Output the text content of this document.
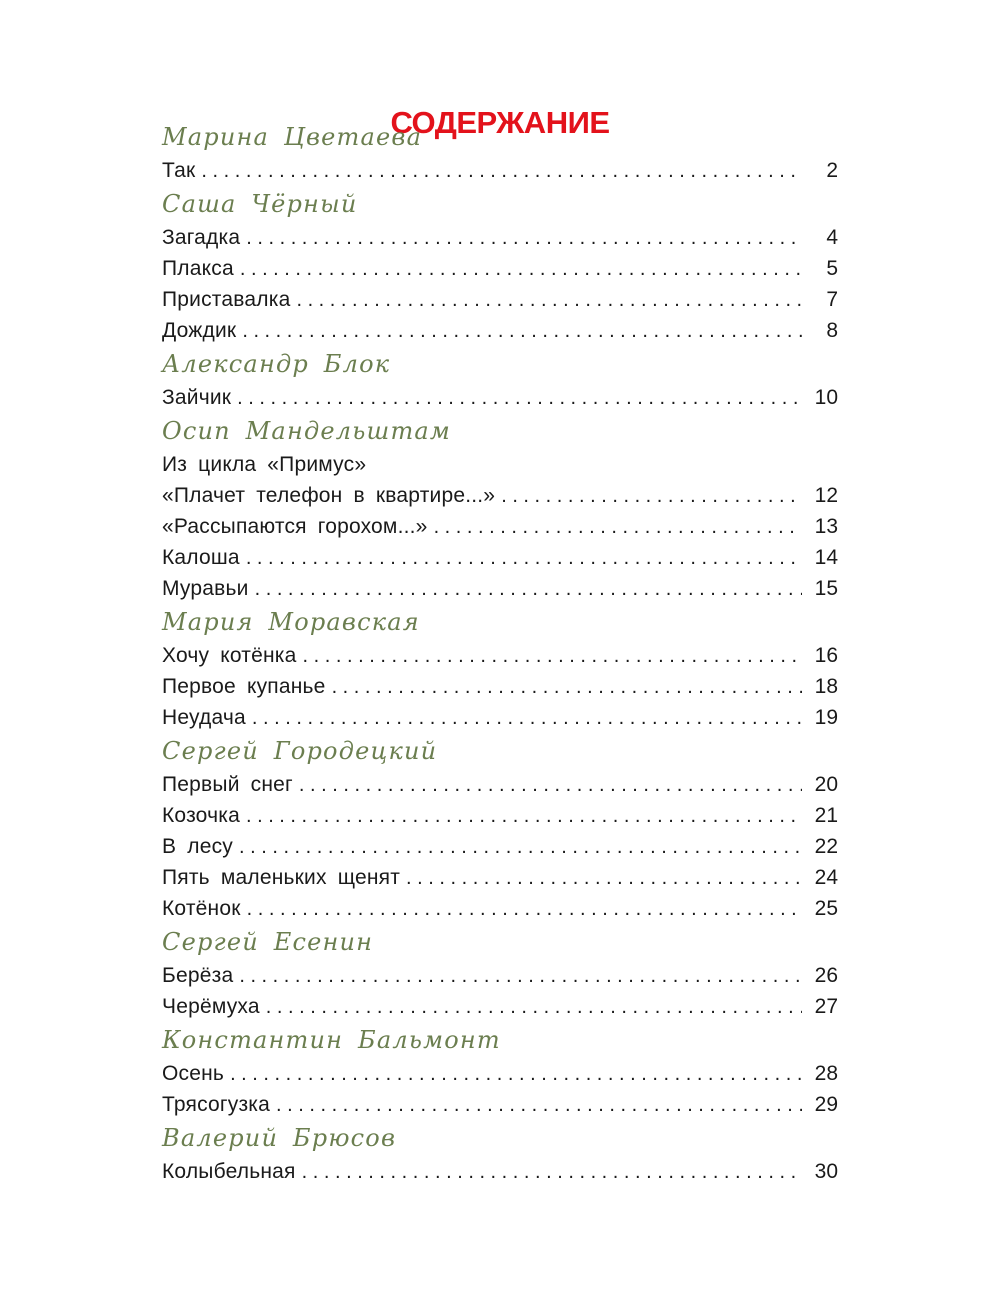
СОДЕРЖАНИЕ
Марина Цветаева
Так . . .	2
Саша Чёрный
Загадка . . .	4
Плакса . . .	5
Приставалка . . .	7
Дождик . . .	8
Александр Блок
Зайчик . . .	10
Осип Мандельштам
Из цикла «Примус»
«Плачет телефон в квартире...» . . .	12
«Рассыпаются горохом...» . . .	13
Калоша . . .	14
Муравьи . . .	15
Мария Моравская
Хочу котёнка . . .	16
Первое купанье . . .	18
Неудача . . .	19
Сергей Городецкий
Первый снег . . .	20
Козочка . . .	21
В лесу . . .	22
Пять маленьких щенят . . .	24
Котёнок . . .	25
Сергей Есенин
Берёза . . .	26
Черёмуха . . .	27
Константин Бальмонт
Осень . . .	28
Трясогузка . . .	29
Валерий Брюсов
Колыбельная . . .	30
